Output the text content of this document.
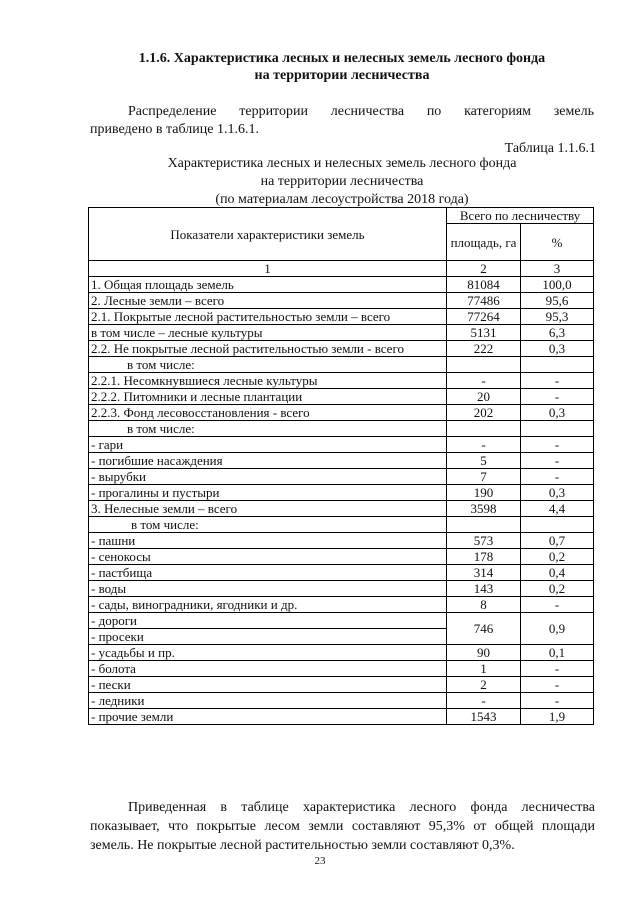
1.1.6. Характеристика лесных и нелесных земель лесного фонда
на территории лесничества
Распределение территории лесничества по категориям земель
приведено в таблице 1.1.6.1.
Таблица 1.1.6.1
Характеристика лесных и нелесных земель лесного фонда
на территории лесничества
(по материалам лесоустройства 2018 года)
Показатели характеристики земель	Всего по лесничеству	
	площадь, га	%
1	2	3
1. Общая площадь земель	81084	100,0
2. Лесные земли – всего	77486	95,6
2.1. Покрытые лесной растительностью земли – всего	77264	95,3
в том числе – лесные культуры	5131	6,3
2.2. Не покрытые лесной растительностью земли - всего	222	0,3
в том числе:		
2.2.1. Несомкнувшиеся лесные культуры	-	-
2.2.2. Питомники и лесные плантации	20	-
2.2.3. Фонд лесовосстановления - всего	202	0,3
в том числе:		
- гари	-	-
- погибшие насаждения	5	-
- вырубки	7	-
- прогалины и пустыри	190	0,3
3. Нелесные земли – всего	3598	4,4
в том числе:		
- пашни	573	0,7
- сенокосы	178	0,2
- пастбища	314	0,4
- воды	143	0,2
- сады, виноградники, ягодники и др.	8	-
- дороги	746	0,9
- просеки		
- усадьбы и пр.	90	0,1
- болота	1	-
- пески	2	-
- ледники	-	-
- прочие земли	1543	1,9
Приведенная в таблице характеристика лесного фонда лесничества показывает, что покрытые лесом земли составляют 95,3% от общей площади земель. Не покрытые лесной растительностью земли составляют 0,3%.
23
